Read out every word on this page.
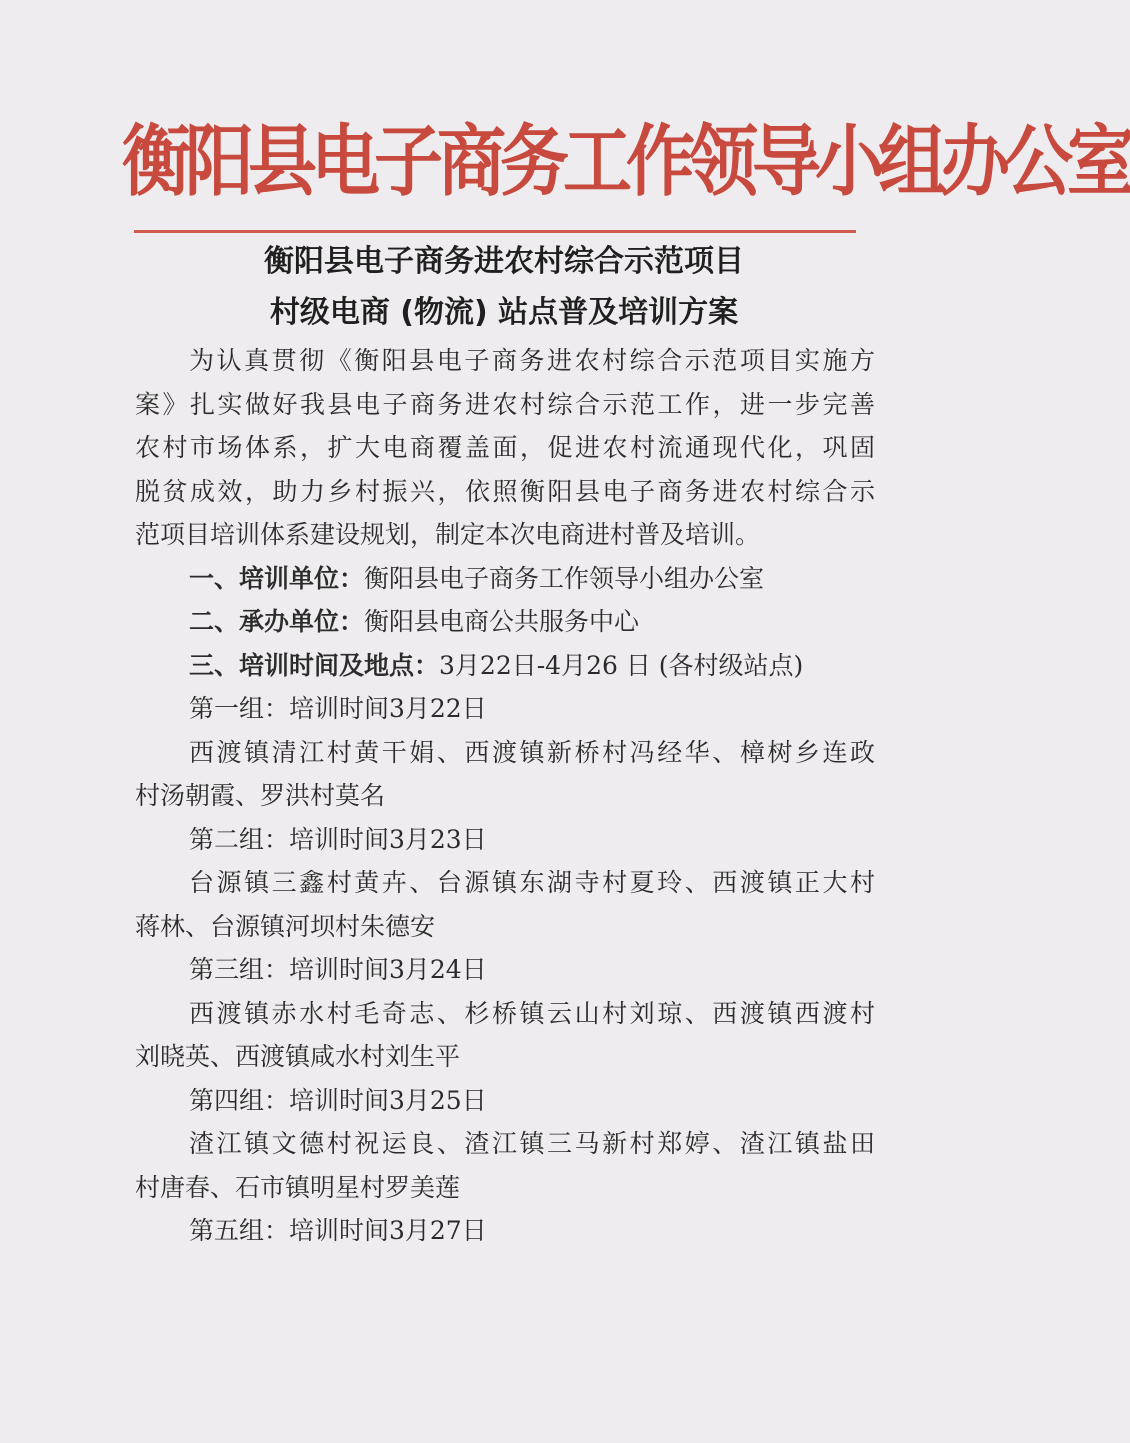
衡阳县电子商务工作领导小组办公室
衡阳县电子商务进农村综合示范项目
村级电商 (物流) 站点普及培训方案
为认真贯彻《衡阳县电子商务进农村综合示范项目实施方
案》扎实做好我县电子商务进农村综合示范工作，进一步完善
农村市场体系，扩大电商覆盖面，促进农村流通现代化，巩固
脱贫成效，助力乡村振兴，依照衡阳县电子商务进农村综合示
范项目培训体系建设规划，制定本次电商进村普及培训。
一、培训单位：衡阳县电子商务工作领导小组办公室
二、承办单位：衡阳县电商公共服务中心
三、培训时间及地点：3月22日-4月26 日 (各村级站点)
第一组：培训时间3月22日
西渡镇清江村黄干娟、西渡镇新桥村冯经华、樟树乡连政
村汤朝霞、罗洪村莫名
第二组：培训时间3月23日
台源镇三鑫村黄卉、台源镇东湖寺村夏玲、西渡镇正大村
蒋林、台源镇河坝村朱德安
第三组：培训时间3月24日
西渡镇赤水村毛奇志、杉桥镇云山村刘琼、西渡镇西渡村
刘晓英、西渡镇咸水村刘生平
第四组：培训时间3月25日
渣江镇文德村祝运良、渣江镇三马新村郑婷、渣江镇盐田
村唐春、石市镇明星村罗美莲
第五组：培训时间3月27日
